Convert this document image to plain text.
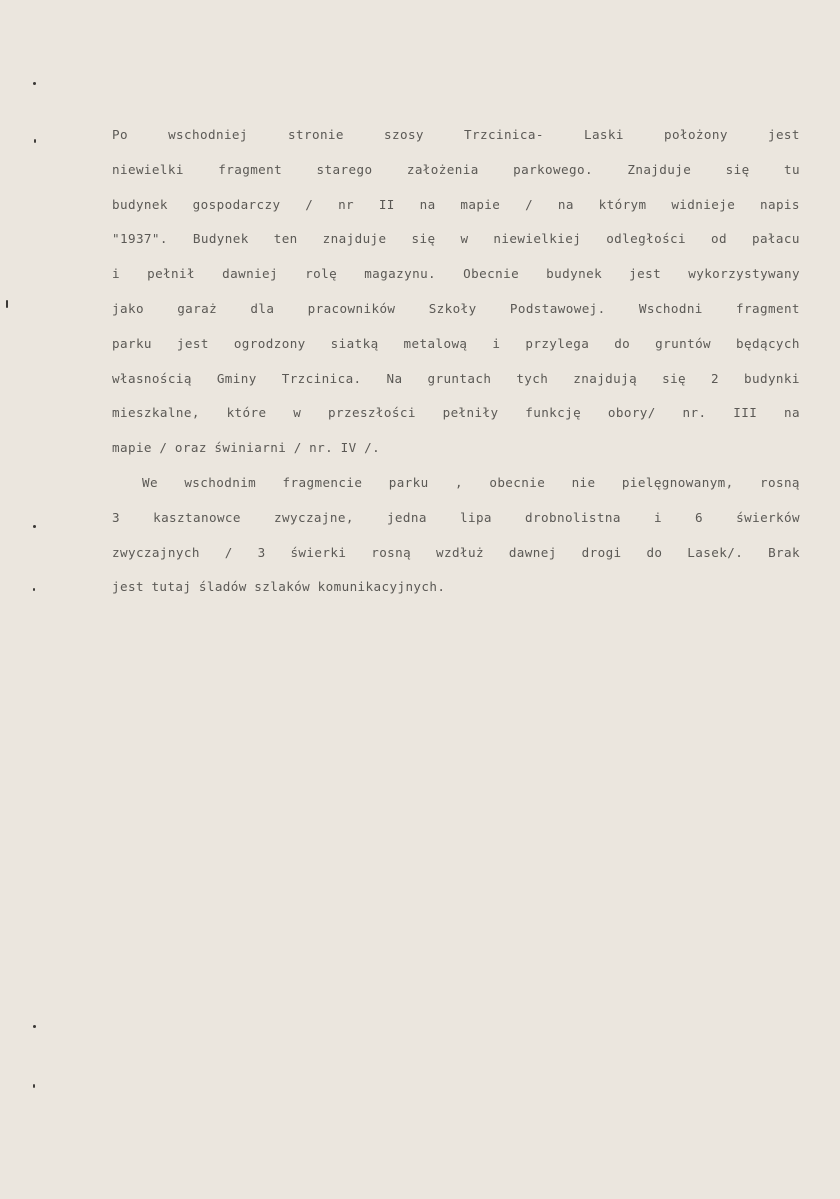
Po	wschodniej	stronie	szosy	Trzcinica-	Laski	położony	jest
niewielki	fragment	starego	założenia	parkowego.	Znajduje	się	tu
budynek gospodarczy / nr II na mapie / na którym widnieje napis
"1937". Budynek ten znajduje się w niewielkiej odległości od pałacu
i pełnił dawniej rolę magazynu. Obecnie budynek jest wykorzystywany
jako	garaż	dla	pracowników	Szkoły	Podstawowej.	Wschodni	fragment
parku jest ogrodzony siatką metalową i przylega do gruntów będących
własnością Gminy Trzcinica. Na gruntach tych znajdują się 2 budynki
mieszkalne, które w przeszłości pełniły funkcję obory/ nr. III na
mapie / oraz świniarni / nr. IV /.
We wschodnim fragmencie parku , obecnie nie pielęgnowanym, rosną
3	kasztanowce	zwyczajne,	jedna	lipa	drobnolistna	i	6	świerków
zwyczajnych / 3 świerki rosną wzdłuż dawnej drogi do Lasek/. Brak
jest tutaj śladów szlaków komunikacyjnych.
